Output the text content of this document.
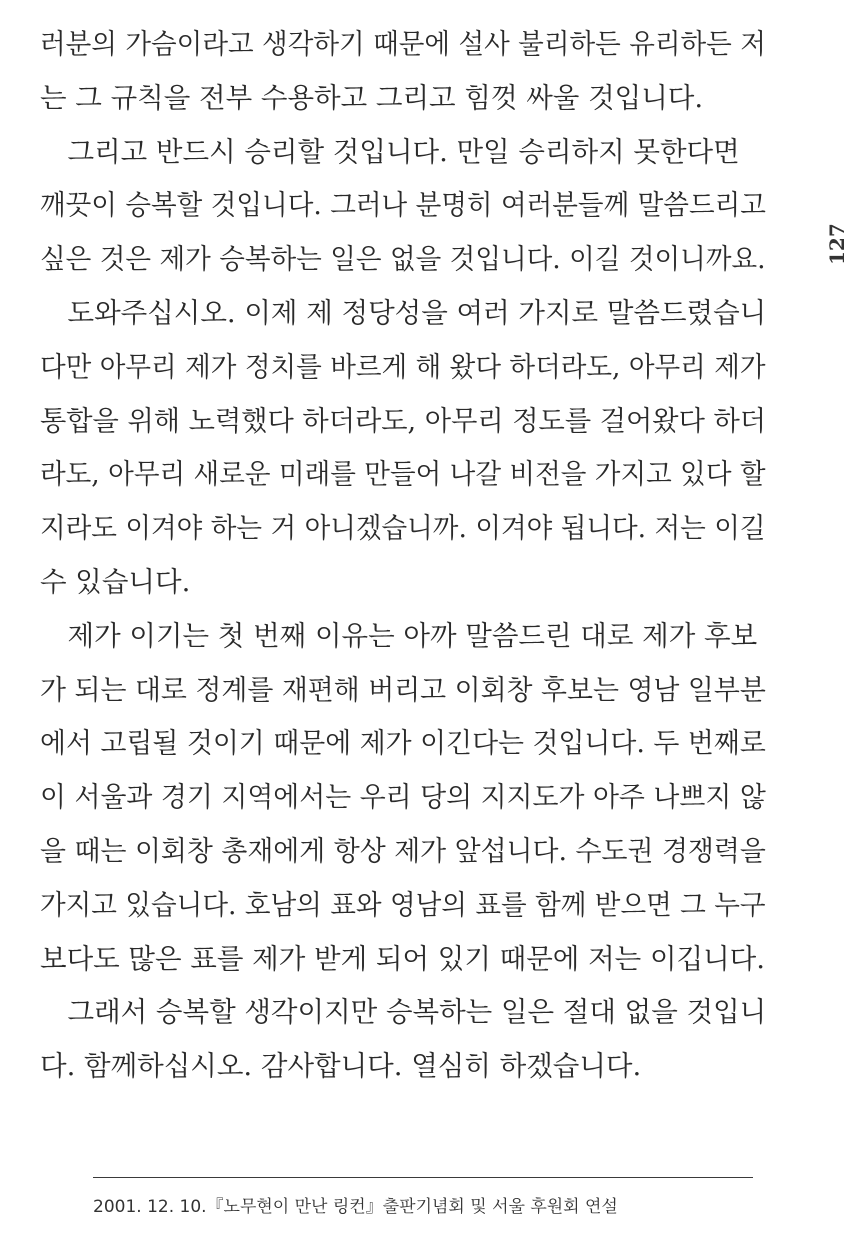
러분의 가슴이라고 생각하기 때문에 설사 불리하든 유리하든 저
는 그 규칙을 전부 수용하고 그리고 힘껏 싸울 것입니다.
　그리고 반드시 승리할 것입니다. 만일 승리하지 못한다면
깨끗이 승복할 것입니다. 그러나 분명히 여러분들께 말씀드리고
싶은 것은 제가 승복하는 일은 없을 것입니다. 이길 것이니까요.
　도와주십시오. 이제 제 정당성을 여러 가지로 말씀드렸습니
다만 아무리 제가 정치를 바르게 해 왔다 하더라도, 아무리 제가
통합을 위해 노력했다 하더라도, 아무리 정도를 걸어왔다 하더
라도, 아무리 새로운 미래를 만들어 나갈 비전을 가지고 있다 할
지라도 이겨야 하는 거 아니겠습니까. 이겨야 됩니다. 저는 이길
수 있습니다.
　제가 이기는 첫 번째 이유는 아까 말씀드린 대로 제가 후보
가 되는 대로 정계를 재편해 버리고 이회창 후보는 영남 일부분
에서 고립될 것이기 때문에 제가 이긴다는 것입니다. 두 번째로
이 서울과 경기 지역에서는 우리 당의 지지도가 아주 나쁘지 않
을 때는 이회창 총재에게 항상 제가 앞섭니다. 수도권 경쟁력을
가지고 있습니다. 호남의 표와 영남의 표를 함께 받으면 그 누구
보다도 많은 표를 제가 받게 되어 있기 때문에 저는 이깁니다.
　그래서 승복할 생각이지만 승복하는 일은 절대 없을 것입니
다. 함께하십시오. 감사합니다. 열심히 하겠습니다.
127
2001. 12. 10.『노무현이 만난 링컨』출판기념회 및 서울 후원회 연설
